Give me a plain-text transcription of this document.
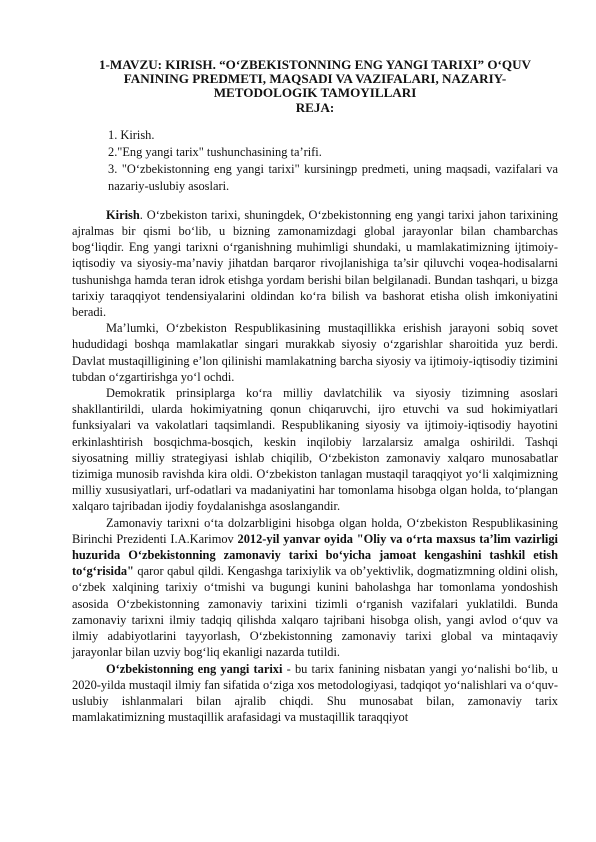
1-MAVZU: KIRISH. “O‘ZBEKISTONNING ENG YANGI TARIXI” O‘QUV FANINING PREDMETI, MAQSADI VA VAZIFALARI, NAZARIY-METODOLOGIK TAMOYILLARI
REJA:
1. Kirish.
2."Eng yangi tarix" tushunchasining ta’rifi.
3. "O‘zbekistonning eng yangi tarixi" kursiningp predmeti, uning maqsadi, vazifalari va nazariy-uslubiy asoslari.

Kirish. O‘zbekiston tarixi, shuningdek, O‘zbekistonning eng yangi tarixi jahon tarixining ajralmas bir qismi bo‘lib, u bizning zamonamizdagi global jarayonlar bilan chambarchas bog‘liqdir. Eng yangi tarixni o‘rganishning muhimligi shundaki, u mamlakatimizning ijtimoiy-iqtisodiy va siyosiy-ma’naviy jihatdan barqaror rivojlanishiga ta’sir qiluvchi voqea-hodisalarni tushunishga hamda teran idrok etishga yordam berishi bilan belgilanadi. Bundan tashqari, u bizga tarixiy taraqqiyot tendensiyalarini oldindan ko‘ra bilish va bashorat etisha olish imkoniyatini beradi.

Ma’lumki, O‘zbekiston Respublikasining mustaqillikka erishish jarayoni sobiq sovet hududidagi boshqa mamlakatlar singari murakkab siyosiy o‘zgarishlar sharoitida yuz berdi. Davlat mustaqilligining e’lon qilinishi mamlakatning barcha siyosiy va ijtimoiy-iqtisodiy tizimini tubdan o‘zgartirishga yo‘l ochdi.

Demokratik prinsiplarga ko‘ra milliy davlatchilik va siyosiy tizimning asoslari shakllantirildi, ularda hokimiyatning qonun chiqaruvchi, ijro etuvchi va sud hokimiyatlari funksiyalari va vakolatlari taqsimlandi. Respublikaning siyosiy va ijtimoiy-iqtisodiy hayotini erkinlashtirish bosqichma-bosqich, keskin inqilobiy larzalarsiz amalga oshirildi. Tashqi siyosatning milliy strategiyasi ishlab chiqilib, O‘zbekiston zamonaviy xalqaro munosabatlar tizimiga munosib ravishda kira oldi. O‘zbekiston tanlagan mustaqil taraqqiyot yo‘li xalqimizning milliy xususiyatlari, urf-odatlari va madaniyatini har tomonlama hisobga olgan holda, to‘plangan xalqaro tajribadan ijodiy foydalanishga asoslangandir.

Zamonaviy tarixni o‘ta dolzarbligini hisobga olgan holda, O‘zbekiston Respublikasining Birinchi Prezidenti I.A.Karimov 2012-yil yanvar oyida "Oliy va o‘rta maxsus ta’lim vazirligi huzurida O‘zbekistonning zamonaviy tarixi bo‘yicha jamoat kengashini tashkil etish to‘g‘risida" qaror qabul qildi. Kengashga tarixiylik va ob’yektivlik, dogmatizmning oldini olish, o‘zbek xalqining tarixiy o‘tmishi va bugungi kunini baholashga har tomonlama yondoshish asosida O‘zbekistonning zamonaviy tarixini tizimli o‘rganish vazifalari yuklatildi. Bunda zamonaviy tarixni ilmiy tadqiq qilishda xalqaro tajribani hisobga olish, yangi avlod o‘quv va ilmiy adabiyotlarini tayyorlash, O‘zbekistonning zamonaviy tarixi global va mintaqaviy jarayonlar bilan uzviy bog‘liq ekanligi nazarda tutildi.

O‘zbekistonning eng yangi tarixi - bu tarix fanining nisbatan yangi yo‘nalishi bo‘lib, u 2020-yilda mustaqil ilmiy fan sifatida o‘ziga xos metodologiyasi, tadqiqot yo‘nalishlari va o‘quv-uslubiy ishlanmalari bilan ajralib chiqdi. Shu munosabat bilan, zamonaviy tarix mamlakatimizning mustaqillik arafasidagi va mustaqillik taraqqiyot
